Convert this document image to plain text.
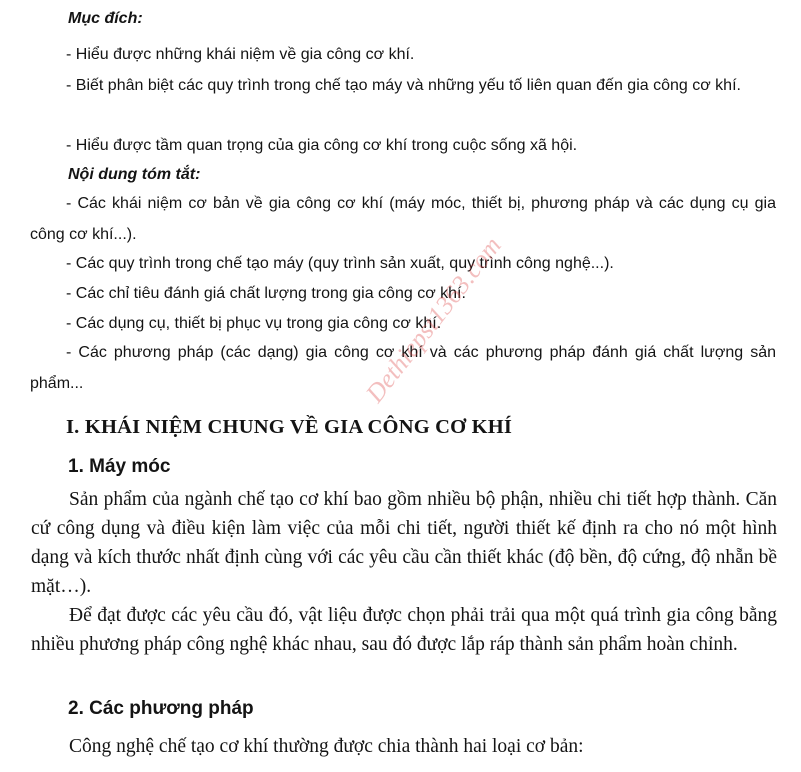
Mục đích:

- Hiểu được những khái niệm về gia công cơ khí.

- Biết phân biệt các quy trình trong chế tạo máy và những yếu tố liên quan đến gia công cơ khí.

- Hiểu được tầm quan trọng của gia công cơ khí trong cuộc sống xã hội.

Nội dung tóm tắt:

- Các khái niệm cơ bản về gia công cơ khí (máy móc, thiết bị, phương pháp và các dụng cụ gia công cơ khí...).

- Các quy trình trong chế tạo máy (quy trình sản xuất, quy trình công nghệ...).

- Các chỉ tiêu đánh giá chất lượng trong gia công cơ khí.

- Các dụng cụ, thiết bị phục vụ trong gia công cơ khí.

- Các phương pháp (các dạng) gia công cơ khí và các phương pháp đánh giá chất lượng sản phẩm...

I. KHÁI NIỆM CHUNG VỀ GIA CÔNG CƠ KHÍ
1. Máy móc

Sản phẩm của ngành chế tạo cơ khí bao gồm nhiều bộ phận, nhiều chi tiết hợp thành. Căn cứ công dụng và điều kiện làm việc của mỗi chi tiết, người thiết kế định ra cho nó một hình dạng và kích thước nhất định cùng với các yêu cầu cần thiết khác (độ bền, độ cứng, độ nhẵn bề mặt…).

Để đạt được các yêu cầu đó, vật liệu được chọn phải trải qua một quá trình gia công bằng nhiều phương pháp công nghệ khác nhau, sau đó được lắp ráp thành sản phẩm hoàn chỉnh.

2. Các phương pháp

Công nghệ chế tạo cơ khí thường được chia thành hai loại cơ bản:

Dethiepst1363.com
